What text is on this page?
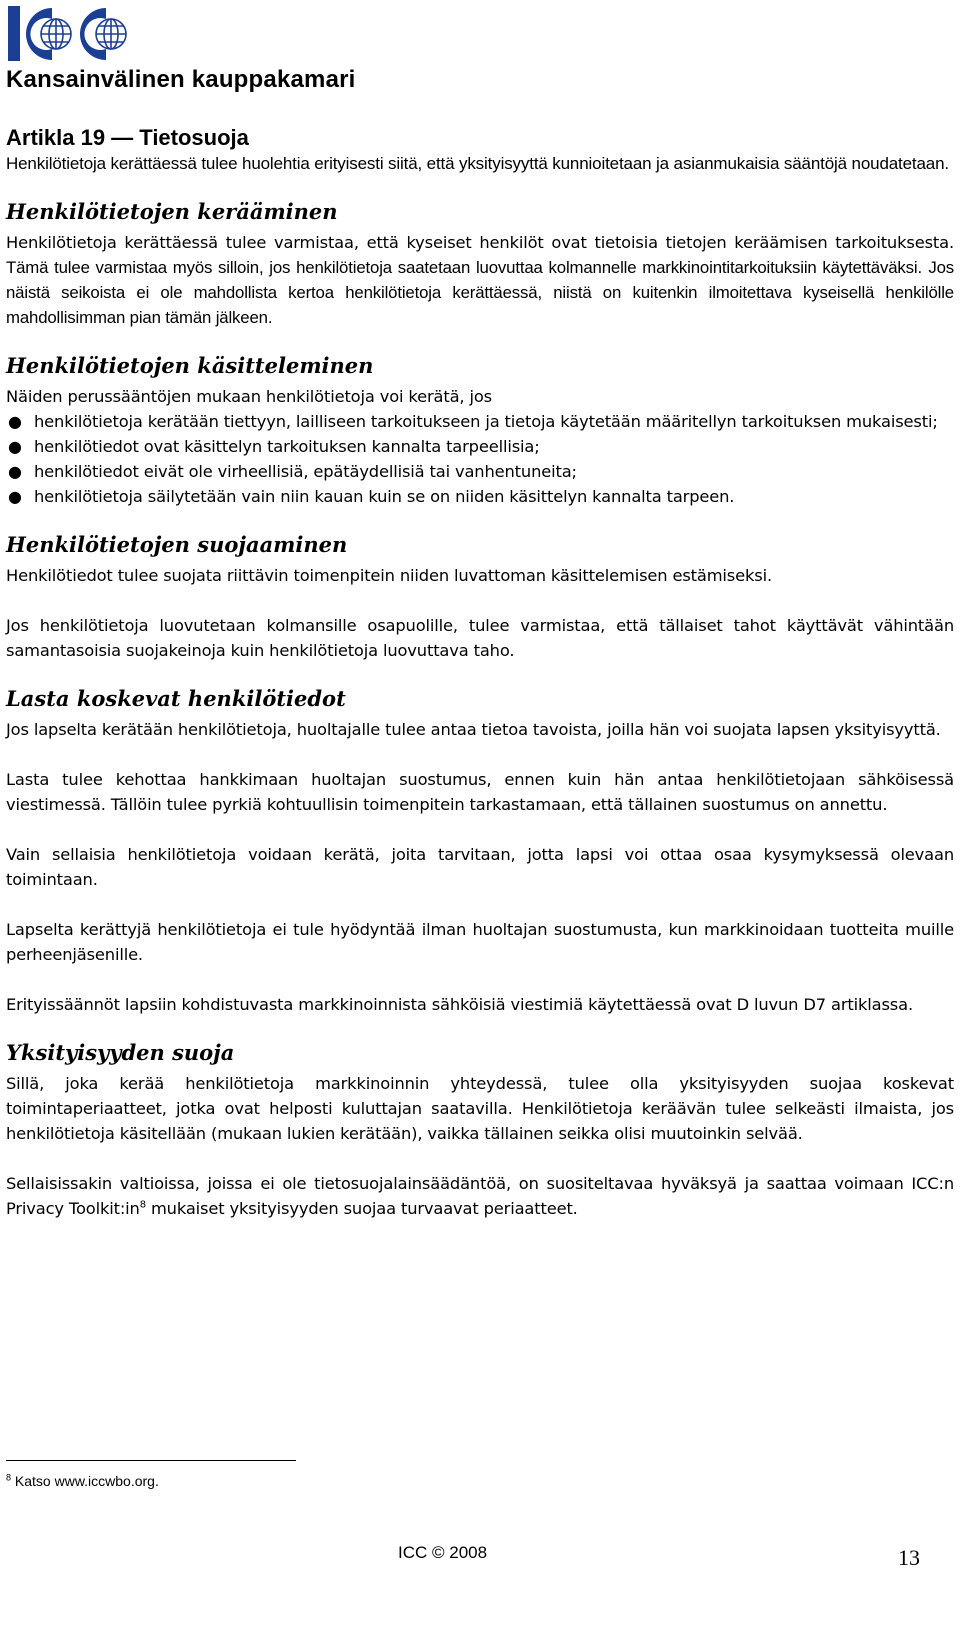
Kansainvälinen kauppakamari
Artikla 19 — Tietosuoja

Henkilötietoja kerättäessä tulee huolehtia erityisesti siitä, että yksityisyyttä kunnioitetaan ja asianmukaisia sääntöjä noudatetaan.

Henkilötietojen kerääminen

Henkilötietoja kerättäessä tulee varmistaa, että kyseiset henkilöt ovat tietoisia tietojen keräämisen tarkoituksesta. Tämä tulee varmistaa myös silloin, jos henkilötietoja saatetaan luovuttaa kolmannelle markkinointitarkoituksiin käytettäväksi. Jos näistä seikoista ei ole mahdollista kertoa henkilötietoja kerättäessä, niistä on kuitenkin ilmoitettava kyseisellä henkilölle mahdollisimman pian tämän jälkeen.

Henkilötietojen käsitteleminen

Näiden perussääntöjen mukaan henkilötietoja voi kerätä, jos

● henkilötietoja kerätään tiettyyn, lailliseen tarkoitukseen ja tietoja käytetään määritellyn tarkoituksen mukaisesti;
● henkilötiedot ovat käsittelyn tarkoituksen kannalta tarpeellisia;
● henkilötiedot eivät ole virheellisiä, epätäydellisiä tai vanhentuneita;
● henkilötietoja säilytetään vain niin kauan kuin se on niiden käsittelyn kannalta tarpeen.
Henkilötietojen suojaaminen

Henkilötiedot tulee suojata riittävin toimenpitein niiden luvattoman käsittelemisen estämiseksi.

Jos henkilötietoja luovutetaan kolmansille osapuolille, tulee varmistaa, että tällaiset tahot käyttävät vähintään samantasoisia suojakeinoja kuin henkilötietoja luovuttava taho.

Lasta koskevat henkilötiedot

Jos lapselta kerätään henkilötietoja, huoltajalle tulee antaa tietoa tavoista, joilla hän voi suojata lapsen yksityisyyttä.

Lasta tulee kehottaa hankkimaan huoltajan suostumus, ennen kuin hän antaa henkilötietojaan sähköisessä viestimessä. Tällöin tulee pyrkiä kohtuullisin toimenpitein tarkastamaan, että tällainen suostumus on annettu.

Vain sellaisia henkilötietoja voidaan kerätä, joita tarvitaan, jotta lapsi voi ottaa osaa kysymyksessä olevaan toimintaan.

Lapselta kerättyjä henkilötietoja ei tule hyödyntää ilman huoltajan suostumusta, kun markkinoidaan tuotteita muille perheenjäsenille.

Erityissäännöt lapsiin kohdistuvasta markkinoinnista sähköisiä viestimiä käytettäessä ovat D luvun D7 artiklassa.

Yksityisyyden suoja

Sillä, joka kerää henkilötietoja markkinoinnin yhteydessä, tulee olla yksityisyyden suojaa koskevat toimintaperiaatteet, jotka ovat helposti kuluttajan saatavilla. Henkilötietoja keräävän tulee selkeästi ilmaista, jos henkilötietoja käsitellään (mukaan lukien kerätään), vaikka tällainen seikka olisi muutoinkin selvää.

Sellaisissakin valtioissa, joissa ei ole tietosuojalainsäädäntöä, on suositeltavaa hyväksyä ja saattaa voimaan ICC:n Privacy $Toolkit:in^8$ mukaiset yksityisyyden suojaa turvaavat periaatteet.

$^8$ Katso www.iccwbo.org.
ICC © 2008	13
